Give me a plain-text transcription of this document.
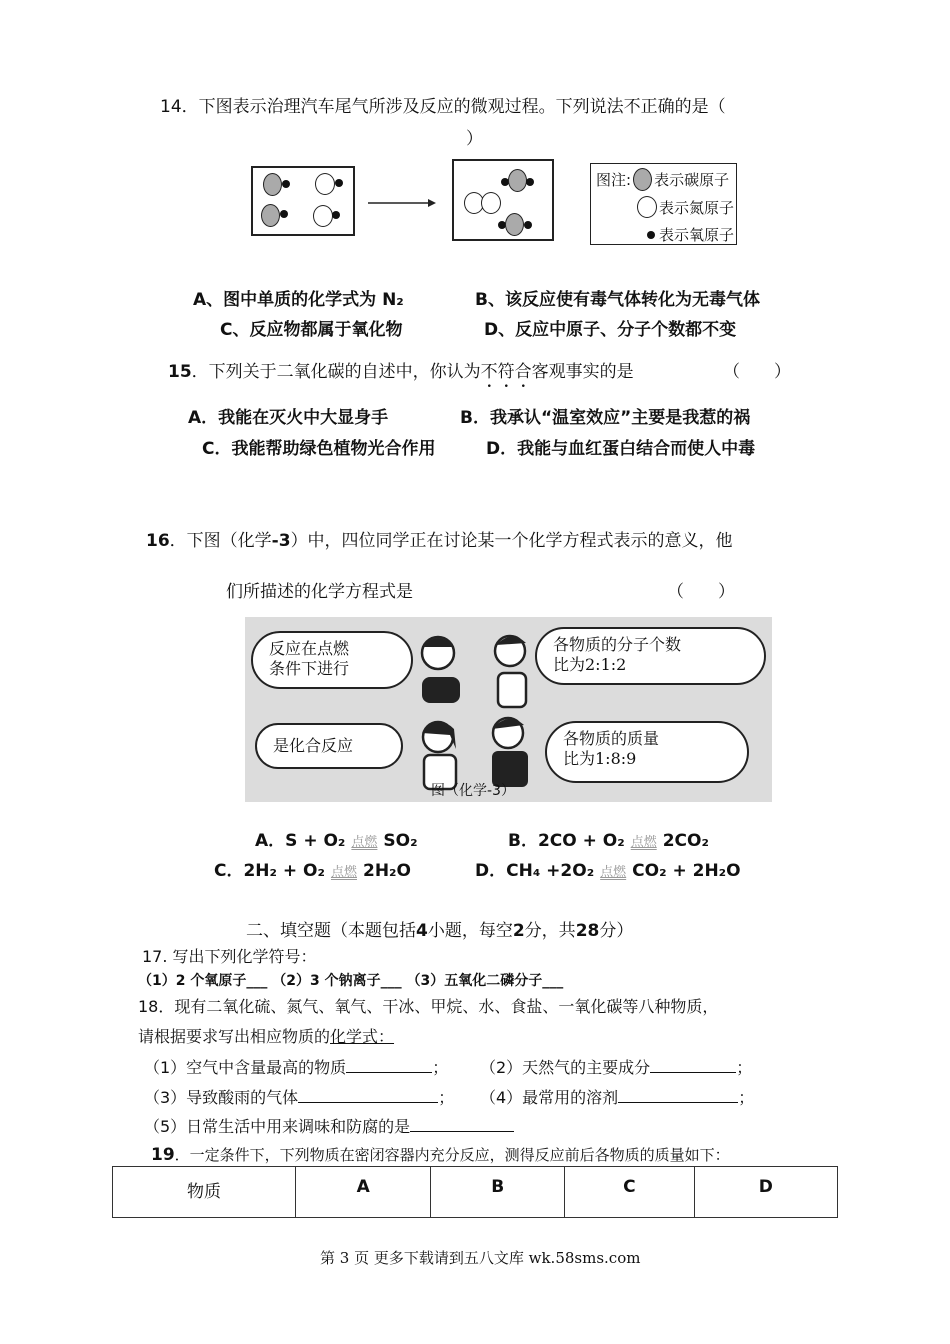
14．下图表示治理汽车尾气所涉及反应的微观过程。下列说法不正确的是（
）
图注: 表示碳原子
表示氮原子
表示氧原子
A、图中单质的化学式为 N₂	B、该反应使有毒气体转化为无毒气体
C、反应物都属于氧化物	D、反应中原子、分子个数都不变
15．下列关于二氧化碳的自述中，你认为不符合客观事实的是	（　　）
A．我能在灭火中大显身手	B．我承认“温室效应”主要是我惹的祸
C．我能帮助绿色植物光合作用	D．我能与血红蛋白结合而使人中毒
16．下图（化学-3）中，四位同学正在讨论某一个化学方程式表示的意义，他
们所描述的化学方程式是	（　　）
反应在点燃
条件下进行
各物质的分子个数
比为2:1:2
是化合反应	各物质的质量
比为1:8:9
图（化学-3）
A．S + O₂ 点燃 SO₂	B．2CO + O₂ 点燃 2CO₂
C．2H₂ + O₂ 点燃 2H₂O	D．CH₄ +2O₂ 点燃 CO₂ + 2H₂O
二、填空题（本题包括4小题，每空2分，共28分）
17. 写出下列化学符号：
（1）2 个氧原子___ （2）3 个钠离子___ （3）五氧化二磷分子___
18．现有二氧化硫、氮气、氧气、干冰、甲烷、水、食盐、一氧化碳等八种物质，
请根据要求写出相应物质的化学式：
（1）空气中含量最高的物质	； （2）天然气的主要成分	；
（3）导致酸雨的气体	； （4）最常用的溶剂	；
（5）日常生活中用来调味和防腐的是
19．一定条件下，下列物质在密闭容器内充分反应，测得反应前后各物质的质量如下：
物质	A	B	C	D
第 3 页 更多下载请到五八文库 wk.58sms.com
